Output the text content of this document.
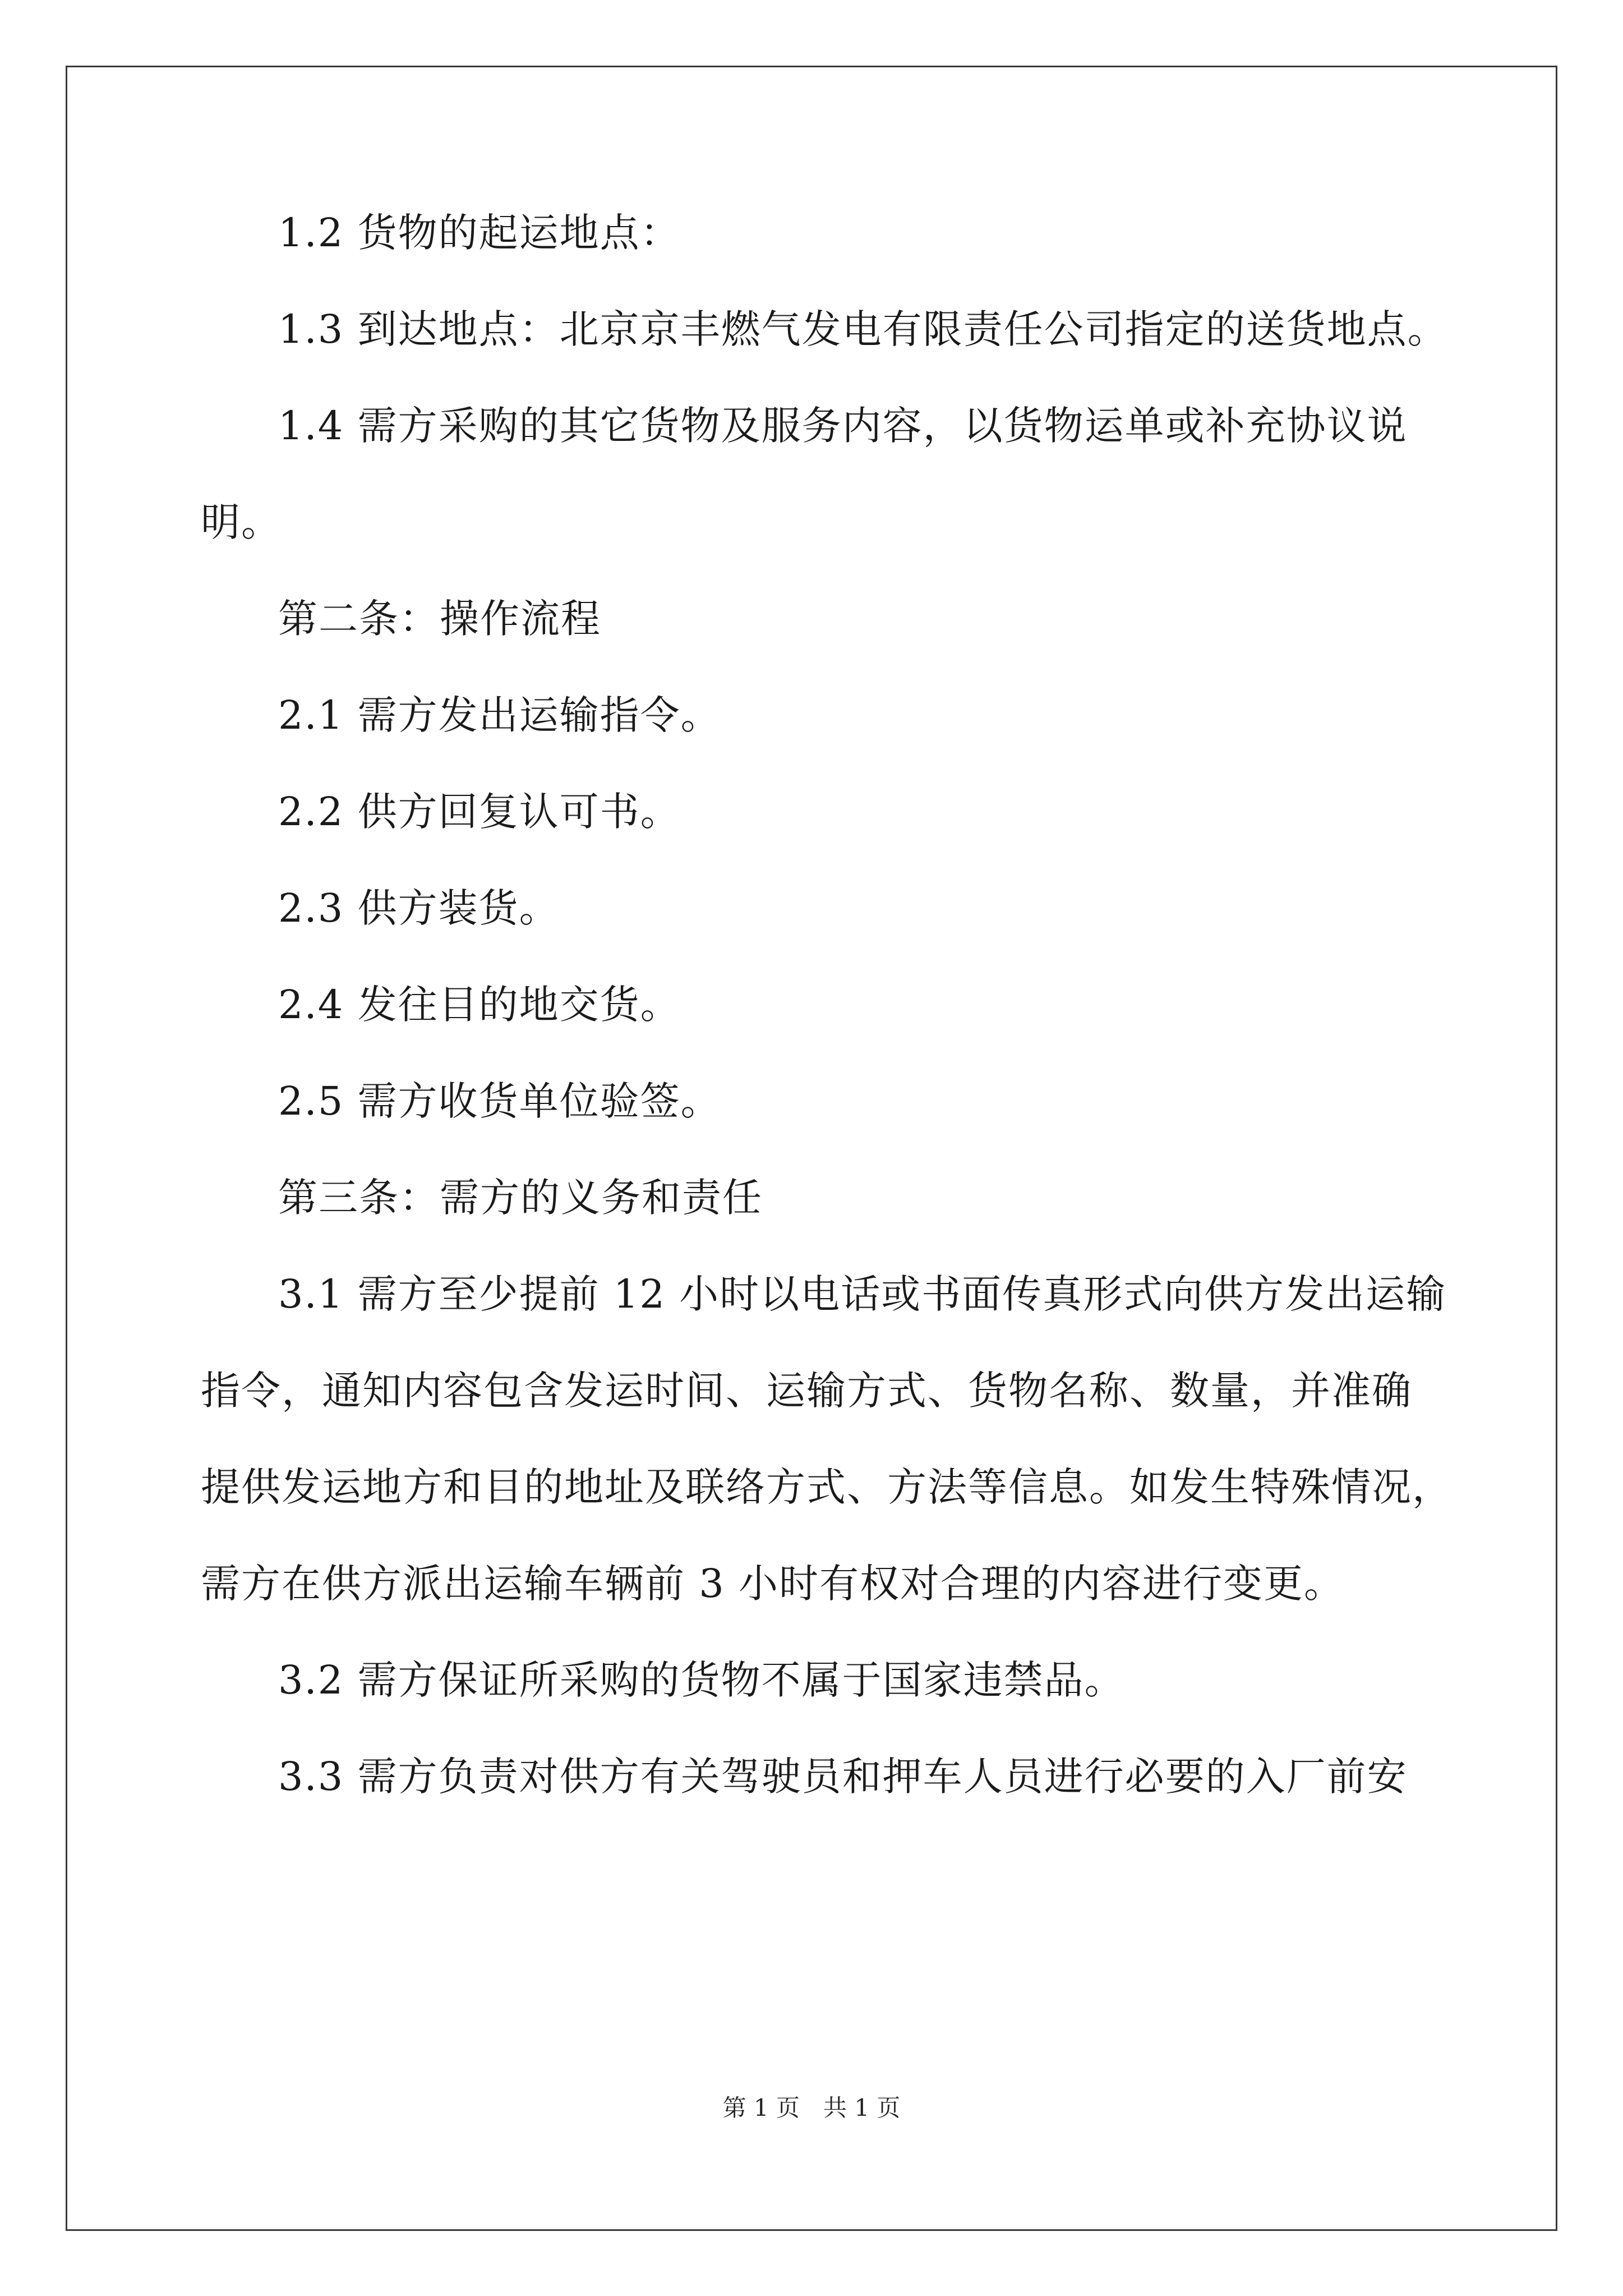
1.2 货物的起运地点：
1.3 到达地点：北京京丰燃气发电有限责任公司指定的送货地点。
1.4 需方采购的其它货物及服务内容，以货物运单或补充协议说
明。
第二条：操作流程
2.1 需方发出运输指令。
2.2 供方回复认可书。
2.3 供方装货。
2.4 发往目的地交货。
2.5 需方收货单位验签。
第三条：需方的义务和责任
3.1 需方至少提前 12 小时以电话或书面传真形式向供方发出运输
指令，通知内容包含发运时间、运输方式、货物名称、数量，并准确
提供发运地方和目的地址及联络方式、方法等信息。如发生特殊情况，
需方在供方派出运输车辆前 3 小时有权对合理的内容进行变更。
3.2 需方保证所采购的货物不属于国家违禁品。
3.3 需方负责对供方有关驾驶员和押车人员进行必要的入厂前安
第 1 页　共 1 页
